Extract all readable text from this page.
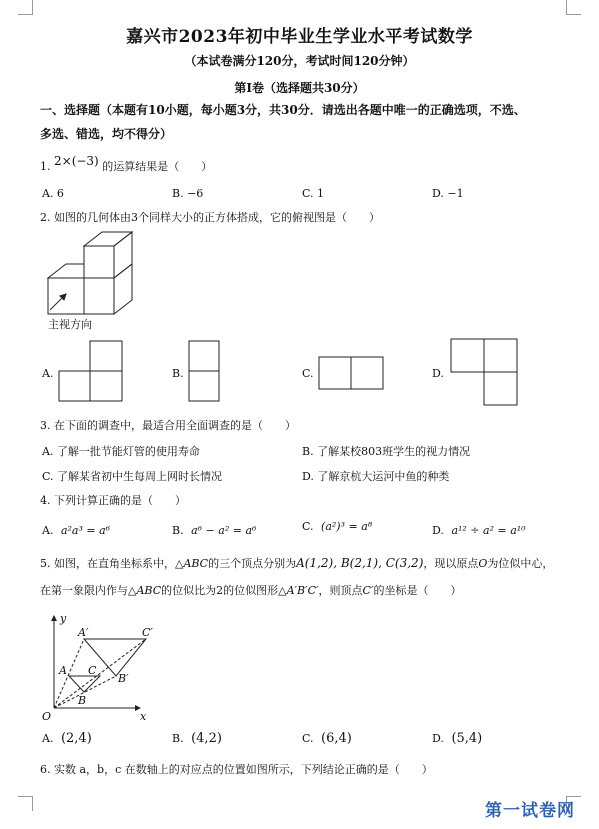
嘉兴市2023年初中毕业生学业水平考试数学
（本试卷满分120分，考试时间120分钟）
第Ⅰ卷（选择题共30分）
一、选择题（本题有10小题，每小题3分，共30分．请选出各题中唯一的正确选项，不选、
多选、错选，均不得分）
1. 2×(−3) 的运算结果是（　　）
A. 6	B. −6	C. 1	D. −1
2. 如图的几何体由3个同样大小的正方体搭成，它的俯视图是（　　）
主视方向
A.	B.	C.	D.
3. 在下面的调查中，最适合用全面调查的是（　　）
A. 了解一批节能灯管的使用寿命	B. 了解某校803班学生的视力情况
C. 了解某省初中生每周上网时长情况	D. 了解京杭大运河中鱼的种类
4. 下列计算正确的是（　　）
A. a²a³ = a⁶	B. a⁶ − a² = a⁶	C. (a²)³ = a⁸	D. a¹² ÷ a² = a¹⁰
5. 如图，在直角坐标系中，△ABC的三个顶点分别为A(1,2), B(2,1), C(3,2)，现以原点O为位似中心，
在第一象限内作与△ABC的位似比为2的位似图形△A′B′C′，则顶点C′的坐标是（　　）
y
x
O
A
B
C
A′
B′
C′
A. (2,4)	B. (4,2)	C. (6,4)	D. (5,4)
6. 实数 a，b，c 在数轴上的对应点的位置如图所示，下列结论正确的是（　　）
第一试卷网
